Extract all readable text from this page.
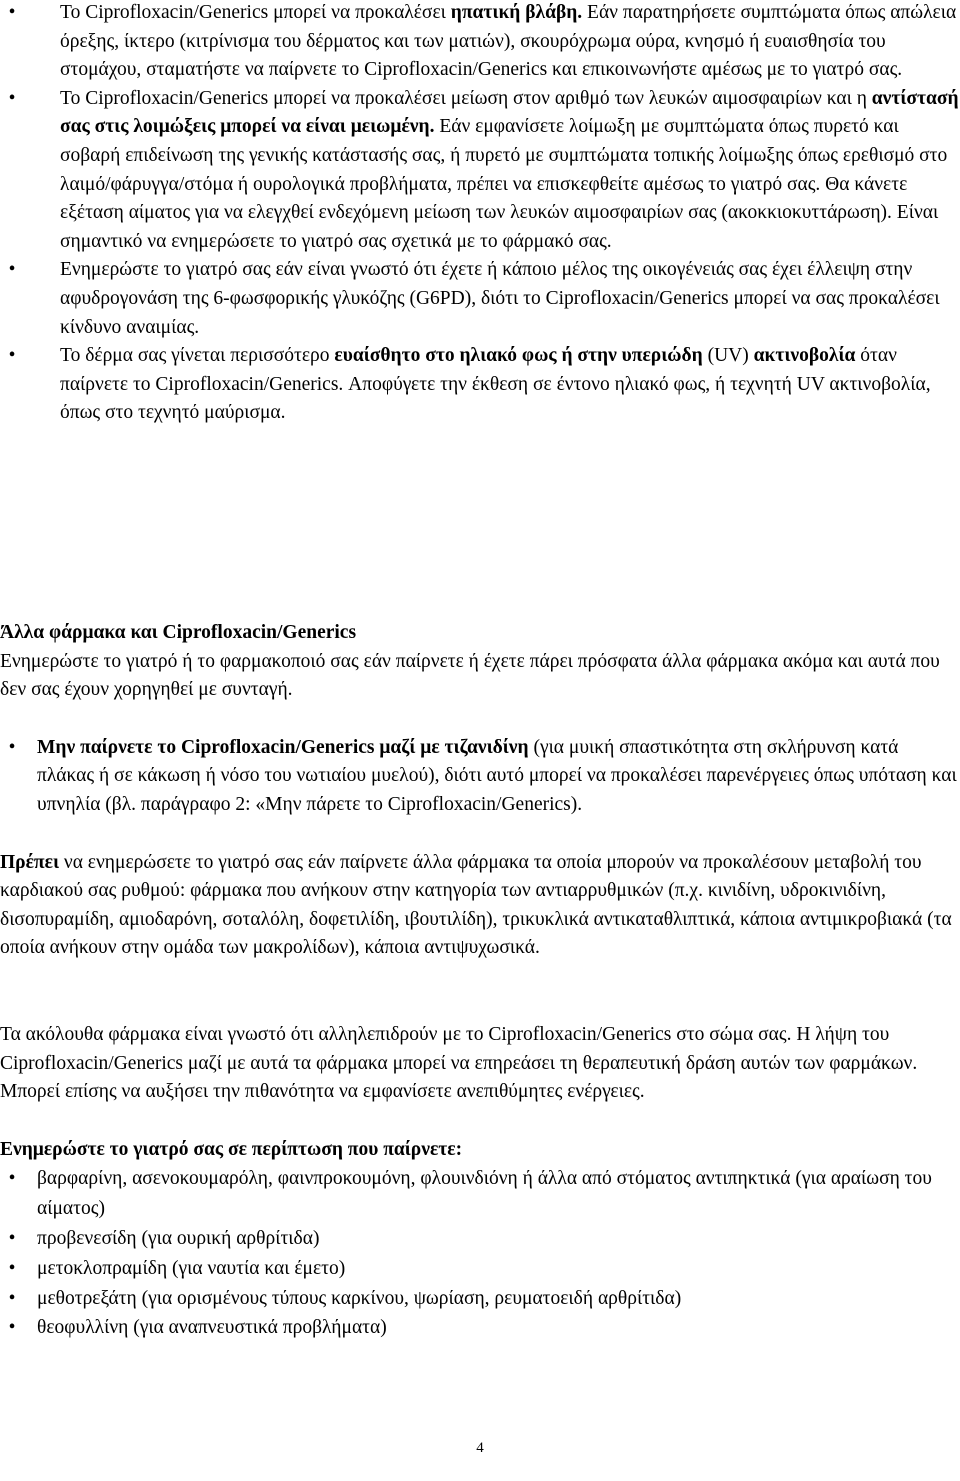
•	Το Ciprofloxacin/Generics μπορεί να προκαλέσει ηπατική βλάβη. Εάν παρατηρήσετε συμπτώματα όπως απώλεια όρεξης, ίκτερο (κιτρίνισμα του δέρματος και των ματιών), σκουρόχρωμα ούρα, κνησμό ή ευαισθησία του στομάχου, σταματήστε να παίρνετε το Ciprofloxacin/Generics και επικοινωνήστε αμέσως με το γιατρό σας.
•	Το Ciprofloxacin/Generics μπορεί να προκαλέσει μείωση στον αριθμό των λευκών αιμοσφαιρίων και η αντίστασή σας στις λοιμώξεις μπορεί να είναι μειωμένη. Εάν εμφανίσετε λοίμωξη με συμπτώματα όπως πυρετό και σοβαρή επιδείνωση της γενικής κατάστασής σας, ή πυρετό με συμπτώματα τοπικής λοίμωξης όπως ερεθισμό στο λαιμό/φάρυγγα/στόμα ή ουρολογικά προβλήματα, πρέπει να επισκεφθείτε αμέσως το γιατρό σας. Θα κάνετε εξέταση αίματος για να ελεγχθεί ενδεχόμενη μείωση των λευκών αιμοσφαιρίων σας (ακοκκιοκυττάρωση). Είναι σημαντικό να ενημερώσετε το γιατρό σας σχετικά με το φάρμακό σας.
•	Ενημερώστε το γιατρό σας εάν είναι γνωστό ότι έχετε ή κάποιο μέλος της οικογένειάς σας έχει έλλειψη στην αφυδρογονάση της 6-φωσφορικής γλυκόζης (G6PD), διότι το Ciprofloxacin/Generics μπορεί να σας προκαλέσει κίνδυνο αναιμίας.
•	Το δέρμα σας γίνεται περισσότερο ευαίσθητο στο ηλιακό φως ή στην υπεριώδη (UV) ακτινοβολία όταν παίρνετε το Ciprofloxacin/Generics. Αποφύγετε την έκθεση σε έντονο ηλιακό φως, ή τεχνητή UV ακτινοβολία, όπως στο τεχνητό μαύρισμα.

Άλλα φάρμακα και Ciprofloxacin/Generics

Ενημερώστε το γιατρό ή το φαρμακοποιό σας εάν παίρνετε ή έχετε πάρει πρόσφατα άλλα φάρμακα ακόμα και αυτά που δεν σας έχουν χορηγηθεί με συνταγή.

•	Μην παίρνετε το Ciprofloxacin/Generics μαζί με τιζανιδίνη (για μυική σπαστικότητα στη σκλήρυνση κατά πλάκας ή σε κάκωση ή νόσο του νωτιαίου μυελού), διότι αυτό μπορεί να προκαλέσει παρενέργειες όπως υπόταση και υπνηλία (βλ. παράγραφο 2: «Μην πάρετε το Ciprofloxacin/Generics).

Πρέπει να ενημερώσετε το γιατρό σας εάν παίρνετε άλλα φάρμακα τα οποία μπορούν να προκαλέσουν μεταβολή του καρδιακού σας ρυθμού: φάρμακα που ανήκουν στην κατηγορία των αντιαρρυθμικών (π.χ. κινιδίνη, υδροκινιδίνη, δισοπυραμίδη, αμιοδαρόνη, σοταλόλη, δοφετιλίδη, ιβουτιλίδη), τρικυκλικά αντικαταθλιπτικά, κάποια αντιμικροβιακά (τα οποία ανήκουν στην ομάδα των μακρολίδων), κάποια αντιψυχωσικά.

Τα ακόλουθα φάρμακα είναι γνωστό ότι αλληλεπιδρούν με το Ciprofloxacin/Generics στο σώμα σας. Η λήψη του Ciprofloxacin/Generics μαζί με αυτά τα φάρμακα μπορεί να επηρεάσει τη θεραπευτική δράση αυτών των φαρμάκων. Μπορεί επίσης να αυξήσει την πιθανότητα να εμφανίσετε ανεπιθύμητες ενέργειες.

Ενημερώστε το γιατρό σας σε περίπτωση που παίρνετε:

•	βαρφαρίνη, ασενοκουμαρόλη, φαινπροκουμόνη, φλουινδιόνη ή άλλα από στόματος αντιπηκτικά (για αραίωση του αίματος)
•	προβενεσίδη (για ουρική αρθρίτιδα)
•	μετοκλοπραμίδη (για ναυτία και έμετο)
•	μεθοτρεξάτη (για ορισμένους τύπους καρκίνου, ψωρίαση, ρευματοειδή αρθρίτιδα)
•	θεοφυλλίνη (για αναπνευστικά προβλήματα)
4
